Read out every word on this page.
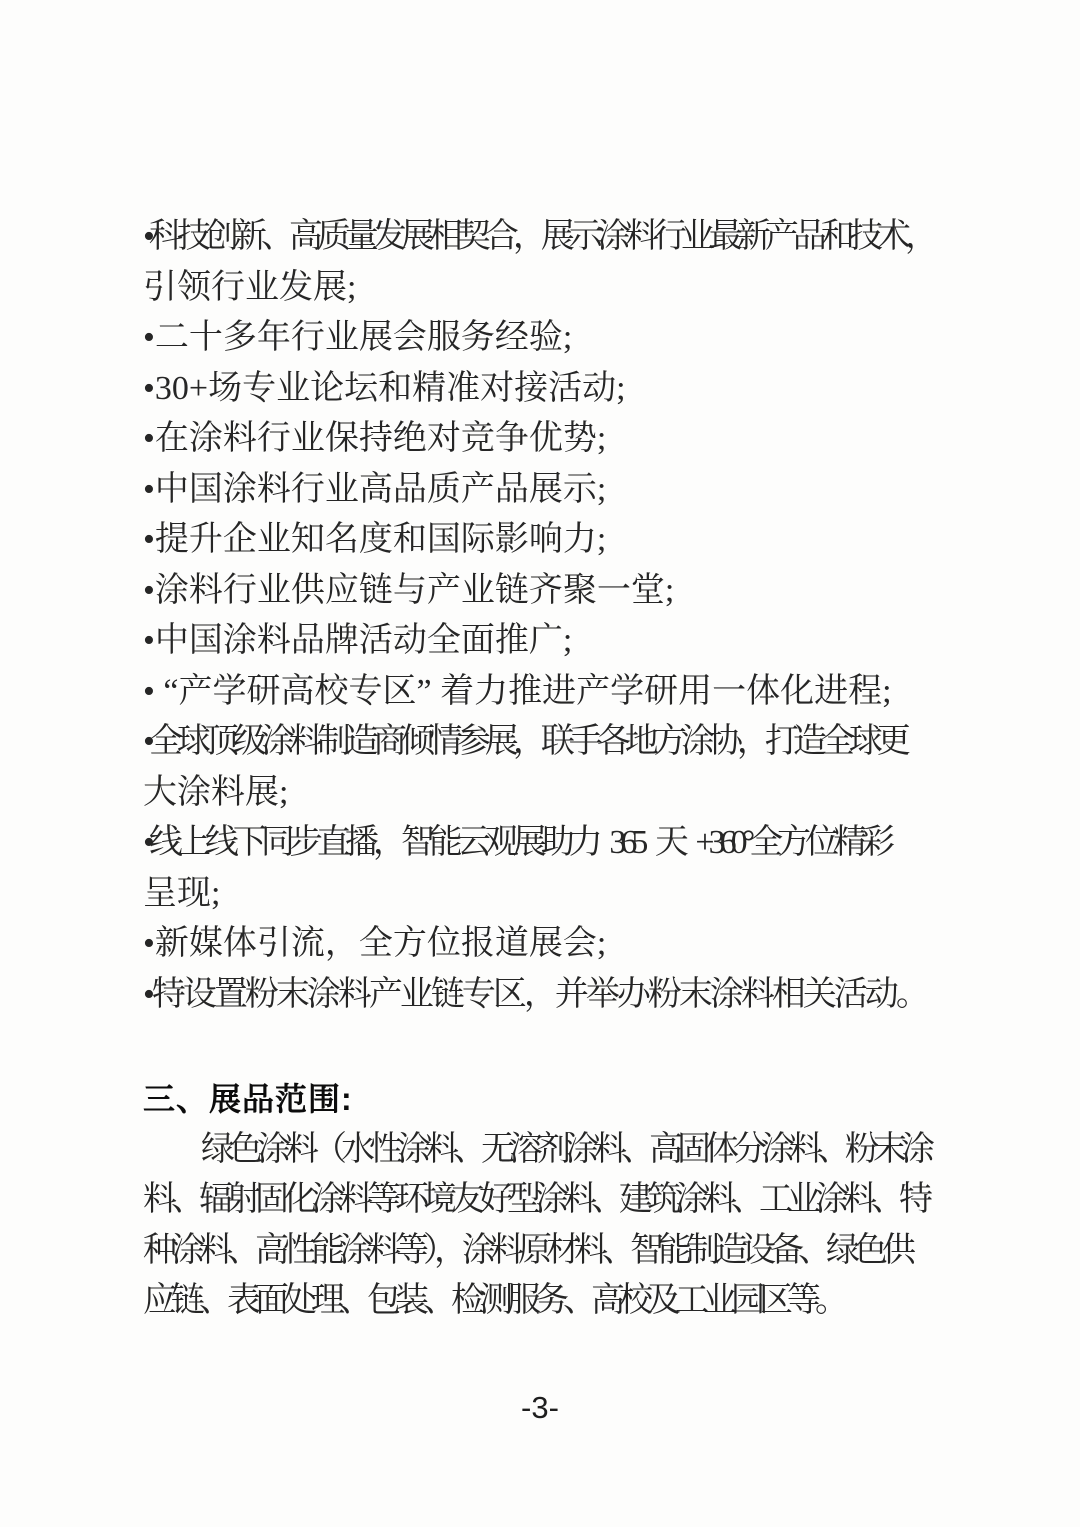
•科技创新、高质量发展相契合，展示涂料行业最新产品和技术，
引领行业发展;
•二十多年行业展会服务经验;
•30+场专业论坛和精准对接活动;
•在涂料行业保持绝对竞争优势;
•中国涂料行业高品质产品展示;
•提升企业知名度和国际影响力;
•涂料行业供应链与产业链齐聚一堂;
•中国涂料品牌活动全面推广;
• “产学研高校专区” 着力推进产学研用一体化进程;
•全球顶级涂料制造商倾情参展，联手各地方涂协，打造全球更
大涂料展;
•线上线下同步直播，智能云观展助力 365 天 +360°全方位精彩
呈现;
•新媒体引流，全方位报道展会;
•特设置粉末涂料产业链专区，并举办粉末涂料相关活动。
三、展品范围:
绿色涂料（水性涂料、无溶剂涂料、高固体分涂料、粉末涂
料、辐射固化涂料等环境友好型涂料、建筑涂料、工业涂料、特
种涂料、高性能涂料等），涂料原材料、智能制造设备、绿色供
应链、表面处理、包装、检测服务、高校及工业园区等。
-3-
